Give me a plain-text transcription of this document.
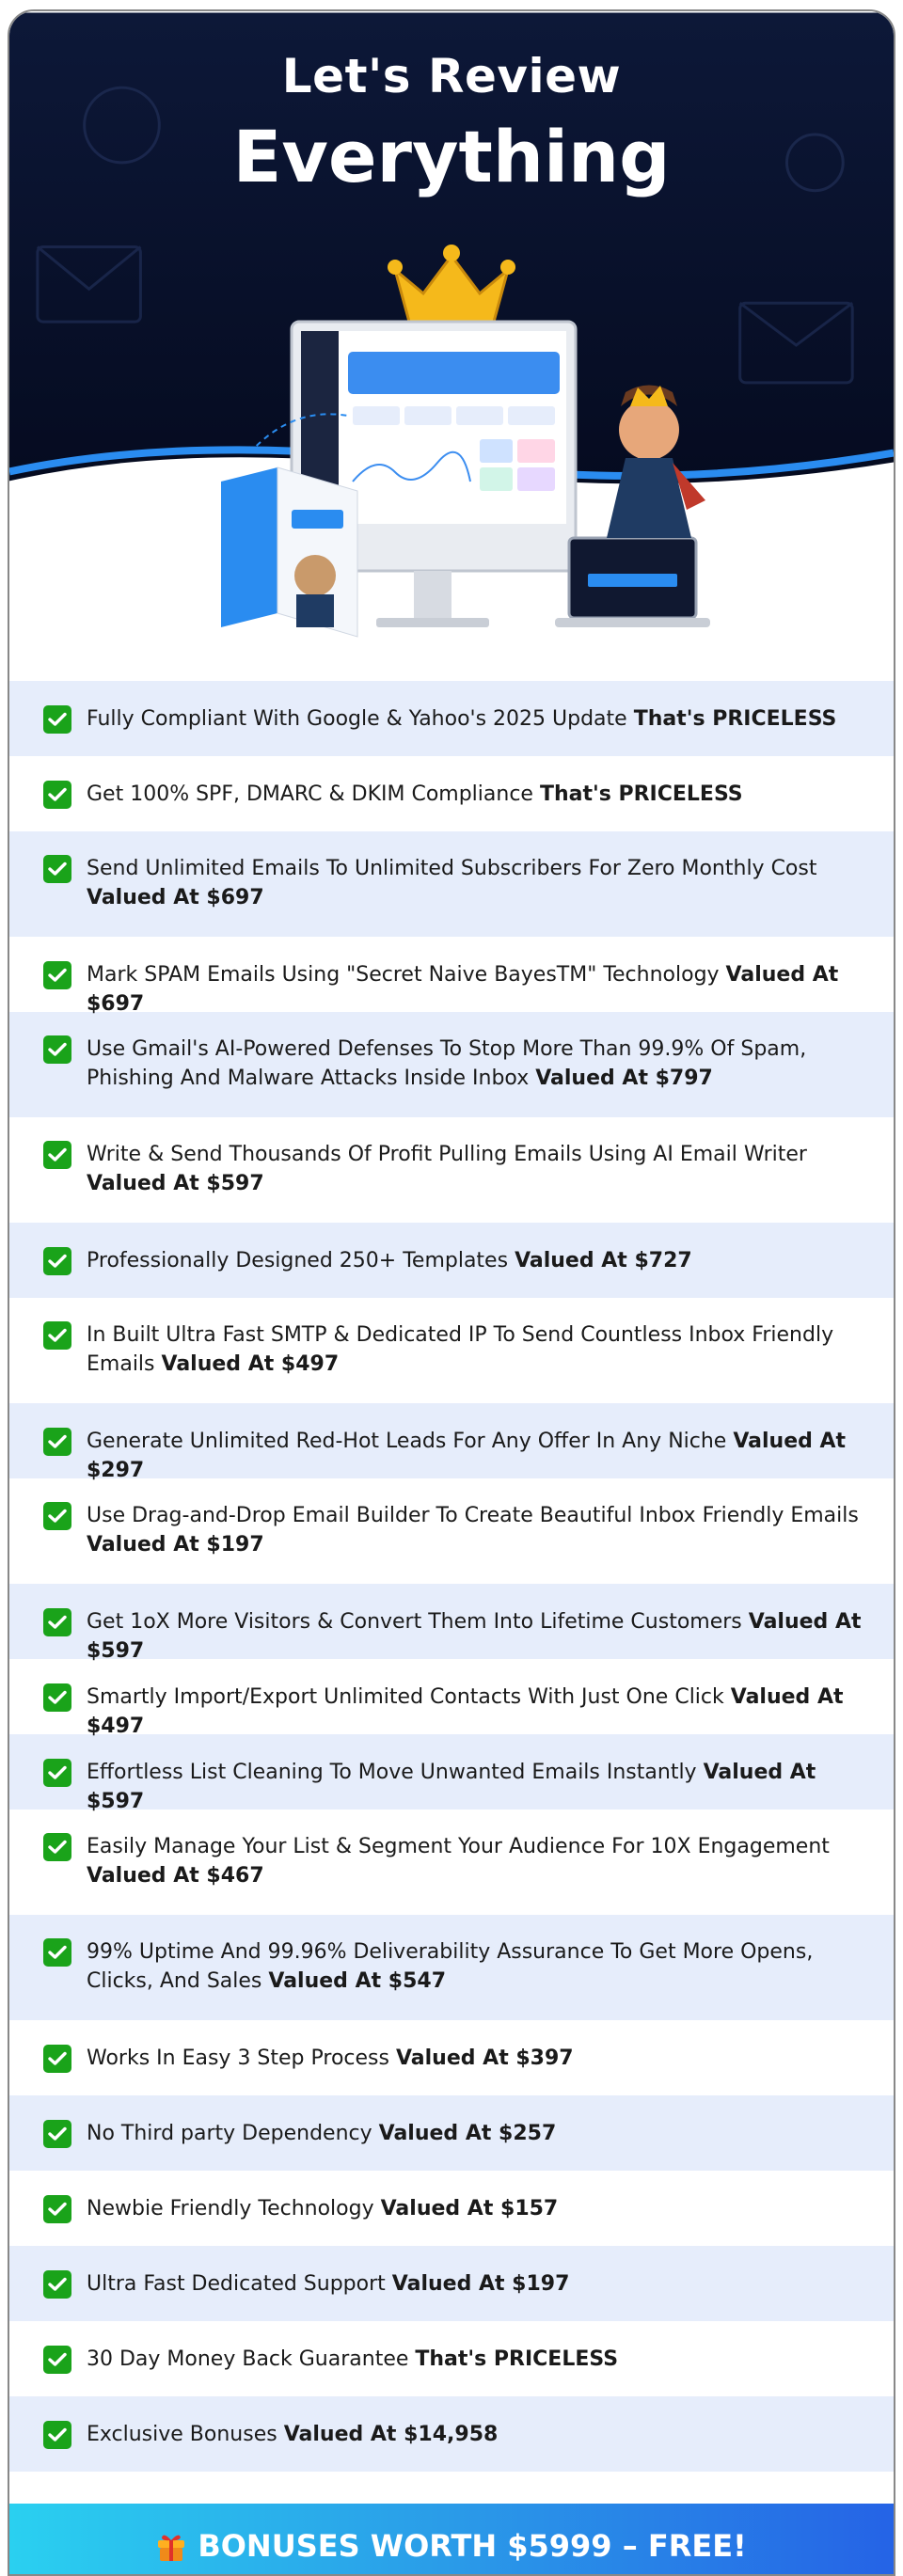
Let's Review
Everything
Fully Compliant With Google & Yahoo's 2025 Update That's PRICELESS
Get 100% SPF, DMARC & DKIM Compliance That's PRICELESS
Send Unlimited Emails To Unlimited Subscribers For Zero Monthly Cost Valued At $697
Mark SPAM Emails Using "Secret Naive BayesTM" Technology Valued At $697
Use Gmail's AI-Powered Defenses To Stop More Than 99.9% Of Spam, Phishing And Malware Attacks Inside Inbox Valued At $797
Write & Send Thousands Of Profit Pulling Emails Using AI Email Writer Valued At $597
Professionally Designed 250+ Templates Valued At $727
In Built Ultra Fast SMTP & Dedicated IP To Send Countless Inbox Friendly Emails Valued At $497
Generate Unlimited Red-Hot Leads For Any Offer In Any Niche Valued At $297
Use Drag-and-Drop Email Builder To Create Beautiful Inbox Friendly Emails Valued At $197
Get 1oX More Visitors & Convert Them Into Lifetime Customers Valued At $597
Smartly Import/Export Unlimited Contacts With Just One Click Valued At $497
Effortless List Cleaning To Move Unwanted Emails Instantly Valued At $597
Easily Manage Your List & Segment Your Audience For 10X Engagement Valued At $467
99% Uptime And 99.96% Deliverability Assurance To Get More Opens, Clicks, And Sales Valued At $547
Works In Easy 3 Step Process Valued At $397
No Third party Dependency Valued At $257
Newbie Friendly Technology Valued At $157
Ultra Fast Dedicated Support Valued At $197
30 Day Money Back Guarantee That's PRICELESS
Exclusive Bonuses Valued At $14,958
BONUSES WORTH $5999 – FREE!
